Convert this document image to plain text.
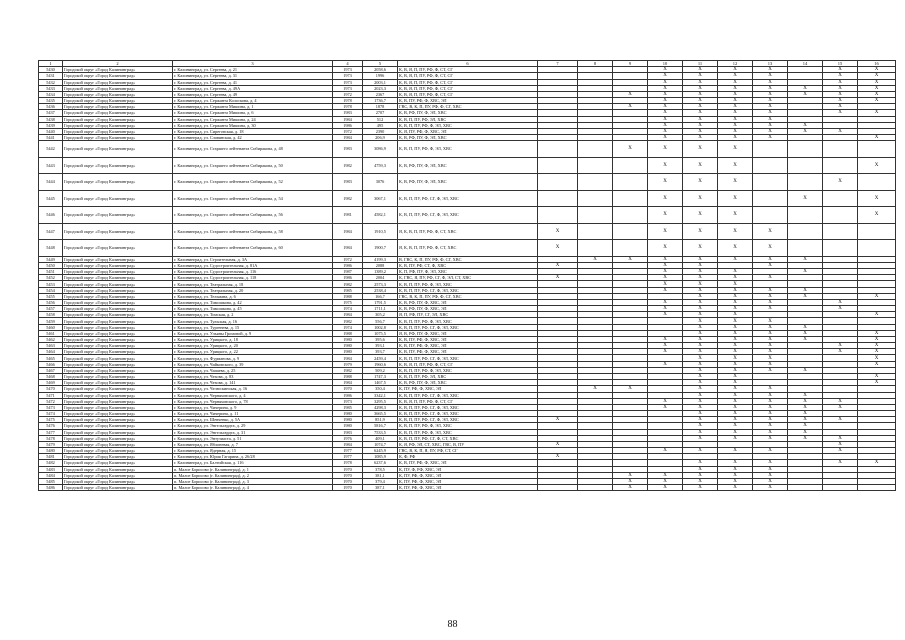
1	2	3	4	5	6	7	8	9	10	11	12	13	14	15	16
5430	Городской округ «Город Калининград»	г. Калининград, ул. Сергеева, д. 21	1973	2058,6	К, В, Я, П, ПУ, РФ, Ф, СТ, СГ				X	X	X	X		X	X
5431	Городской округ «Город Калининград»	г. Калининград, ул. Сергеева, д. 31	1973	1996	К, В, Я, П, ПУ, РФ, Ф, СТ, СГ				X	X	X	X		X	X
5432	Городской округ «Город Калининград»	г. Калининград, ул. Сергеева, д. 41	1973	2003,1	К, В, Я, П, ПУ, РФ, Ф, СТ, СГ				X	X	X	X		X	X
5433	Городской округ «Город Калининград»	г. Калининград, ул. Сергеева, д. 49А	1973	2023,3	К, В, Я, П, ПУ, РФ, Ф, СТ, СГ				X	X	X	X	X	X	X
5434	Городской округ «Город Калининград»	г. Калининград, ул. Сергеева, д. 49	1972	2367	К, В, Я, П, ПУ, РФ, Ф, СТ, СГ			X	X	X	X	X	X	X	X
5435	Городской округ «Город Калининград»	г. Калининград, ул. Сержанта Колоскова, д. 4	1978	1736,7	К, В, ПУ, РФ, Ф, ХВС, ЭЛ				X	X	X	X		X	X
5436	Городской округ «Город Калининград»	г. Калининград, ул. Сержанта Мишина, д. 1	1978	1878	ГВС, В, К, П, ПУ, РФ, Ф, СГ, ХВС			X	X	X	X	X		X	
5437	Городской округ «Город Калининград»	г. Калининград, ул. Сержанта Мишина, д. 6	1983	2707	К, В, РФ, ПУ, Ф, ЭЛ, ХВС				X	X	X	X		X	X
5438	Городской округ «Город Калининград»	г. Калининград, ул. Сержанта Мишина, д. 24	1984	512	К, В, П, ПУ, РФ, ЭЛ, ХВС				X	X	X	X			
5439	Городской округ «Город Калининград»	г. Калининград, ул. Сержанта Мишина, д. 30	1986	495	К, В, П, ПУ, РФ, Ф, ЭЛ, ХВС				X	X	X	X	X		
5440	Городской округ «Город Калининград»	г. Калининград, ул. Сиреговская, д. 18	1972	2390	К, Я, ПУ, РФ, Ф, ХВС, ЭЛ				X	X	X	X	X	X	
5441	Городской округ «Город Калининград»	г. Калининград, ул. Славянская, д. 42	1984	206,9	К, В, РФ, ПУ, Ф, ЭЛ, ХВС				X	X	X	X			X
5442	Городской округ «Город Калининград»	г. Калининград, ул. Старшего лейтенанта Сибиракова, д. 48	1983	3086,9	К, В, П, ПУ, РФ, Ф, ЭЛ, ХВС			X	X	X	X				
5443	Городской округ «Город Калининград»	г. Калининград, ул. Старшего лейтенанта Сибиракова, д. 50	1982	4759,3	К, В, РФ, ПУ, Ф, ЭЛ, ХВС				X	X	X				X
5444	Городской округ «Город Калининград»	г. Калининград, ул. Старшего лейтенанта Сибиракова, д. 52	1983	3076	К, В, РФ, ПУ, Ф, ЭЛ, ХВС				X	X	X			X	
5445	Городской округ «Город Калининград»	г. Калининград, ул. Старшего лейтенанта Сибиракова, д. 54	1982	3067,1	К, В, П, ПУ, РФ, СГ, Ф, ЭЛ, ХВС				X	X	X		X		X
5446	Городской округ «Город Калининград»	г. Калининград, ул. Старшего лейтенанта Сибиракова, д. 56	1981	4582,1	К, В, П, ПУ, РФ, СГ, Ф, ЭЛ, ХВС				X	X	X				X
5447	Городской округ «Город Калининград»	г. Калининград, ул. Старшего лейтенанта Сибиракова, д. 58	1984	1910,5	Я, К, В, П, ПУ, РФ, Ф, СТ, ХВС	X			X	X	X	X			
5448	Городской округ «Город Калининград»	г. Калининград, ул. Старшего лейтенанта Сибиракова, д. 60	1984	1900,7	Я, К, В, П, ПУ, РФ, Ф, СТ, ХВС	X			X	X	X	X			
5449	Городской округ «Город Калининград»	г. Калининград, ул. Строительная, д. 3А	1972	4199,3	В, ГВС, К, П, ПУ, РФ, Ф, СГ, ХВС		X	X	X	X	X	X	X		
5450	Городской округ «Город Калининград»	г. Калининград, ул. Судостроительная, д. 81А	1986	2088	К, В, ПУ, РФ, СТ, Ф, ХВС	X			X	X		X			
5451	Городской округ «Город Калининград»	г. Калининград, ул. Судостроительная, д. 116	1987	1389,2	К, П, РФ, ПУ, Ф, ЭЛ, ХВС				X	X	X		X		
5452	Городской округ «Город Калининград»	г. Калининград, ул. Судостроительная, д. 118	1986	2004	К, ГВС, Я, ПУ, РФ, СГ, Ф, ЭЛ, СТ, ХВС	X			X	X	X	X			
5453	Городской округ «Город Калининград»	г. Калининград, ул. Театральная, д. 18	1982	2573,3	К, В, П, ПУ, РФ, Ф, ЭЛ, ХВС				X	X	X				
5454	Городской округ «Город Калининград»	г. Калининград, ул. Театральная, д. 20	1985	2538,4	К, В, П, ПУ, РФ, СГ, Ф, ЭЛ, ХВС				X	X	X	X	X		
5455	Городской округ «Город Калининград»	г. Калининград, ул. Тельмана, д. 6	1988	166,7	ГВС, В, К, П, ПУ, РФ, Ф, СГ, ХВС					X	X	X	X		X
5456	Городской округ «Город Калининград»	г. Калининград, ул. Тимошкова, д. 42	1975	1791,5	К, В, РФ, ПУ, Ф, ХВС, ЭЛ				X	X	X	X		X	
5457	Городской округ «Город Калининград»	г. Калининград, ул. Тимошкова, д. 45	1974	1711,1	К, В, РФ, ПУ, Ф, ХВС, ЭЛ				X	X	X	X		X	
5458	Городской округ «Город Калининград»	г. Калининград, ул. Томская, д. 2	1984	305,2	Я, П, РФ, ПУ, СГ, ЭЛ, ХВС				X	X	X				X
5459	Городской округ «Город Калининград»	г. Калининград, ул. Тульская, д. 16	1982	556,7	К, В, П, ПУ, РФ, Ф, ЭЛ, ХВС					X	X	X			
5460	Городской округ «Город Калининград»	г. Калининград, ул. Тургенева, д. 15	1974	1002,8	К, В, П, ПУ, РФ, СГ, Ф, ЭЛ, ХВС					X	X	X	X		
5461	Городской округ «Город Калининград»	г. Калининград, ул. Ульяны Громовой, д. 9	1988	1075,5	Я, В, РФ, ПУ, Ф, ХВС, ЭЛ					X	X	X	X		X
5462	Городской округ «Город Калининград»	г. Калининград, ул. Урицкого, д. 18	1980	395,6	К, В, ПУ, РФ, Ф, ХВС, ЭЛ				X	X	X	X	X		X
5463	Городской округ «Город Калининград»	г. Калининград, ул. Урицкого, д. 20	1980	393,1	К, В, ПУ, РФ, Ф, ХВС, ЭЛ				X	X	X	X		X	X
5464	Городской округ «Город Калининград»	г. Калининград, ул. Урицкого, д. 22	1980	393,7	К, В, ПУ, РФ, Ф, ХВС, ЭЛ				X	X	X	X		X	X
5465	Городской округ «Город Калининград»	г. Калининград, ул. Фурманова, д. 9	1984	2459,4	К, В, П, ПУ, РФ, СГ, Ф, ЭЛ, ХВС					X	X	X			X
5466	Городской округ «Город Калининград»	г. Калининград, ул. Чайковского, д. 39	1979	1960,6	К, В, Я, П, ПУ, РФ, Ф, СТ, СГ				X	X	X	X			X
5467	Городской округ «Город Калининград»	г. Калининград, ул. Чапаева, д. 25	1982	509,2	К, В, П, ПУ, РФ, Ф, ЭЛ, ХВС					X	X	X	X		
5468	Городской округ «Город Калининград»	г. Калининград, ул. Чехова, д. 83	1988	1747,3	К, В, П, ПУ, РФ, ЭЛ, ХВС					X	X				X
5469	Городской округ «Город Калининград»	г. Калининград, ул. Чехова, д. 141	1984	1467,5	К, В, РФ, ПУ, Ф, ЭЛ, ХВС					X	X				X
5470	Городской округ «Город Калининград»	г. Калининград, ул. Челюскинская, д. 16	1970	350,4	К, ПУ, РФ, Ф, ХВС, ЭЛ		X	X		X	X	X			
5471	Городской округ «Город Калининград»	г. Калининград, ул. Черняховского, д. 4	1986	3342,1	К, В, П, ПУ, РФ, СГ, Ф, ЭЛ, ХВС					X	X	X	X		
5472	Городской округ «Город Калининград»	г. Калининград, ул. Черняховского, д. 78	1973	3295,5	К, В, Я, П, ПУ, РФ, Ф, СТ, СГ				X	X	X	X	X	X	
5473	Городской округ «Город Калининград»	г. Калининград, ул. Чичерина, д. 9	1985	4298,3	К, В, П, ПУ, РФ, СГ, Ф, ЭЛ, ХВС				X	X	X	X	X	X	
5474	Городской округ «Город Калининград»	г. Калининград, ул. Чичерина, д. 11	1980	3665,5	К, В, П, ПУ, РФ, СГ, Ф, ЭЛ, ХВС					X	X	X	X		
5475	Городской округ «Город Калининград»	г. Калининград, ул. Шевченко, д. 5А	1980	851,9	К, В, П, ПУ, РФ, СГ, Ф, ЭЛ, ХВС	X				X	X	X	X	X	
5476	Городской округ «Город Калининград»	г. Калининград, ул. Энгельгардта, д. 29	1980	5816,7	К, В, П, ПУ, РФ, Ф, ЭЛ, ХВС					X	X	X	X		
5477	Городской округ «Город Калининград»	г. Калининград, ул. Энгельгардта, д. 31	1983	7533,5	К, В, П, ПУ, РФ, Ф, ЭЛ, ХВС					X	X	X	X		
5478	Городской округ «Город Калининград»	г. Калининград, ул. Энтузиаста, д. 51	1976	409,1	К, В, П, ПУ, РФ, СГ, Ф, СТ, ХВС					X	X	X	X	X	
5479	Городской округ «Город Калининград»	г. Калининград, ул. Яблоневая, д. 7	1984	1074,7	К, Я, РФ, ЭЛ, СТ, ХВС, ГВС, В, ПУ	X								X	
5480	Городской округ «Город Калининград»	г. Калининград, ул. Ядерная, д. 15	1977	6245,9	ГВС, В, К, П, Я, ПУ, РФ, СТ, СГ				X	X	X	X		X	
5481	Городской округ «Город Калининград»	г. Калининград, ул. Юрия Гагарина, д. 26/28	1977	1085,9	К, Ф, РФ	X									
5482	Городской округ «Город Калининград»	г. Калининград, ул. Балтийская, д. 116	1978	6237,6	К, В, ПУ, РФ, Ф, ХВС, ЭЛ					X	X	X		X	X
5483	Городской округ «Город Калининград»	п. Малое Борисово (г. Калининград), д. 1	1970	378,5	К, ПУ, Ф, РФ, ХВС, ЭЛ					X	X	X			
5484	Городской округ «Город Калининград»	п. Малое Борисово (г. Калининград), д. 2	1970	381,1	К, ПУ, РФ, Ф, ХВС, ЭЛ			X	X	X	X	X			
5485	Городской округ «Город Калининград»	п. Малое Борисово (г. Калининград), д. 3	1970	379,4	К, ПУ, РФ, Ф, ХВС, ЭЛ			X	X	X	X	X			
5486	Городской округ «Город Калининград»	п. Малое Борисово (г. Калининград), д. 4	1970	387,1	К, ПУ, РФ, Ф, ХВС, ЭЛ			X	X	X	X	X			
88
